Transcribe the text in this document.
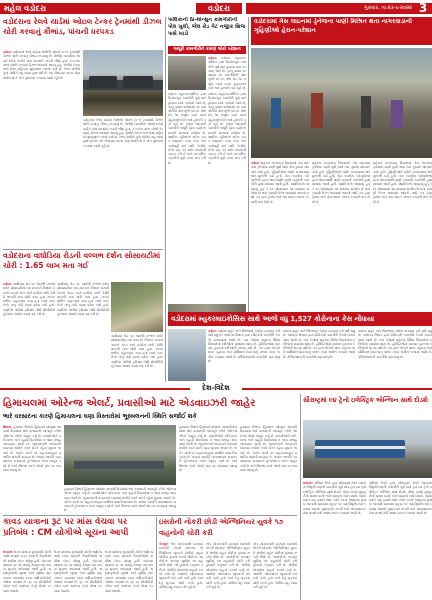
મહેલ વડોદરા	વડોદરા	ગુરુવાર, તા.૨૩-૬-૨૦૨૨ 3
વડોદરાના રેલવે યાર્ડમાં ઓઇલ ટેન્કર ટ્રેનમાંથી ડીઝલ ચોરી કરવાનું કૌભાંડ, પાંચની ધરપકડ
વડોદરા વડોદરાના રેલવે યાર્ડમાં ઊભેલી ઓઇલ ટેન્કર ટ્રેનમાંથી ડીઝલ ચોરી કરવાનું કૌભાંડ ઝડપાયું છે. પોલીસે બાતમીના આધારે દરોડો પાડીને પાંચ શખ્સોને ઝડપી લીધા હતા. ટેન્કરના વાલ્વ ખોલી કેરબામાં ડીઝલ ભરવામાં આવતું હતું. પોલીસે કેરબા અને રિક્ષા સહિતનો મુદ્દામાલ કબજે કર્યો છે. રેલવે પોલીસે ગુનો નોંધીને વધુ તપાસ હાથ ધરી છે. આ કૌભાંડમાં અન્ય કોણ સામેલ છે તે અંગે પૂછપરછ કરવામાં આવી રહી છે.
વડોદરાના રેલવે યાર્ડમાં ઊભેલી ઓઇલ ટેન્કર ટ્રેનમાંથી ડીઝલ ચોરી કરવાનું કૌભાંડ ઝડપાયું છે. પોલીસે બાતમીના આધારે દરોડો પાડીને પાંચ શખ્સોને ઝડપી લીધા હતા. ટેન્કરના વાલ્વ ખોલી કેરબામાં ડીઝલ ભરવામાં આવતું હતું. પોલીસે કેરબા અને રિક્ષા સહિતનો મુદ્દામાલ કબજે કર્યો છે. રેલવે પોલીસે ગુનો નોંધીને વધુ તપાસ હાથ ધરી છે. આ કૌભાંડમાં અન્ય કોણ સામેલ છે તે અંગે પૂછપરછ કરવામાં આવી રહી છે.
વડોદરાના વાઘોડિયા રોડની વલ્લભ દર્શન સોસાયટીમાં ચોરી : 1.65 લાખ મતા ગઈ
વડોદરા વાઘોડિયા રોડ પર આવેલી વલ્લભ દર્શન સોસાયટીમાં બંધ મકાનને નિશાન બનાવી તસ્કરો રોકડ અને દાગીના મળી 1.65 લાખની મતા ચોરી ગયા હતા. મકાન માલિક બહારગામ ગયા હતા ત્યારે તસ્કરોએ તાળું તોડી ઘરમાં પ્રવેશ કર્યો હતો. પાણીગેટ પોલીસે ફરિયાદ નોંધી સીસીટીવી ફૂટેજના આધારે તપાસ શરૂ કરી છે.
વાઘોડિયા રોડ પર આવેલી વલ્લભ દર્શન સોસાયટીમાં બંધ મકાનને નિશાન બનાવી તસ્કરો રોકડ અને દાગીના મળી 1.65 લાખની મતા ચોરી ગયા હતા. મકાન માલિક બહારગામ ગયા હતા ત્યારે તસ્કરોએ તાળું તોડી ઘરમાં પ્રવેશ કર્યો હતો. પાણીગેટ પોલીસે ફરિયાદ નોંધી સીસીટીવી ફૂટેજના આધારે તપાસ શરૂ કરી છે.
વાઘોડિયા રોડ પર આવેલી વલ્લભ દર્શન સોસાયટીમાં બંધ મકાનને નિશાન બનાવી તસ્કરો રોકડ અને દાગીના મળી 1.65 લાખની મતા ચોરી ગયા હતા. મકાન માલિક બહારગામ ગયા હતા ત્યારે તસ્કરોએ તાળું તોડી ઘરમાં પ્રવેશ કર્યો હતો. પાણીગેટ પોલીસે ફરિયાદ નોંધી સીસીટીવી ફૂટેજના આધારે તપાસ શરૂ કરી છે.
પાલિકાની પ્રિ-મોન્સુન કામગીરીની પોલ ખુલી, જેલ રોડ ગેટ નજીક બ્રિજ પાસે ખાડો
અધૂરી કામગીરીને કારણે લોકો પરેશાન
વડોદરા વડોદરા મહાનગરપાલિકા દ્વારા પ્રિ-મોન્સુન કામગીરી પૂર્ણ થઈ હોવાના દાવા કરવામાં આવે છે, પરંતુ પ્રથમ વરસાદમાં જ કામગીરીની પોલ ખુલી ગઈ છે. જેલ રોડ ગેટ નજીક ખાડો પડતાં વાહનચાલકોને ભારે હાલાકી પડી રહી છે.
વડોદરા મહાનગરપાલિકા દ્વારા પ્રિ-મોન્સુન કામગીરી પૂર્ણ થઈ હોવાના દાવા કરવામાં આવે છે, પરંતુ પ્રથમ વરસાદમાં જ કામગીરીની પોલ ખુલી ગઈ છે. જેલ રોડ ગેટ નજીક ખાડો પડતાં વાહનચાલકોને ભારે હાલાકી પડી રહી છે. ડ્રેનેજ લાઇનની કામગીરી અધૂરી રહેતા પાણી ભરાવાની સમસ્યા સર્જાય છે. સ્થાનિક રહીશોએ અનેક વખત રજૂઆત કરવા છતાં કોઈ કાર્યવાહી થઈ નથી. કોર્પોરેટરોએ પણ તંત્ર સામે નારાજગી વ્યક્ત કરી છે અને તાત્કાલિક કામગીરી પૂર્ણ કરવા માંગ કરી છે.
વડોદરા મહાનગરપાલિકા દ્વારા પ્રિ-મોન્સુન કામગીરી પૂર્ણ થઈ હોવાના દાવા કરવામાં આવે છે, પરંતુ પ્રથમ વરસાદમાં જ કામગીરીની પોલ ખુલી ગઈ છે. જેલ રોડ ગેટ નજીક ખાડો પડતાં વાહનચાલકોને ભારે હાલાકી પડી રહી છે. ડ્રેનેજ લાઇનની કામગીરી અધૂરી રહેતા પાણી ભરાવાની સમસ્યા સર્જાય છે. સ્થાનિક રહીશોએ અનેક વખત રજૂઆત કરવા છતાં કોઈ કાર્યવાહી થઈ નથી. કોર્પોરેટરોએ પણ તંત્ર સામે નારાજગી વ્યક્ત કરી છે અને તાત્કાલિક કામગીરી પૂર્ણ કરવા માંગ કરી છે.
વડોદરામાં ગેસ લાઇનમાં ડ્રેનેજના પાણી મિશ્રિત થતા નાગરવાડાની ગૃહિણીઓ હેરાન-પરેશાન
વડોદરા શહેરના નાગરવાડા વિસ્તારમાં ગેસ લાઇનમાં ડ્રેનેજના પાણી ઘૂસી જતાં ગેસ પુરવઠો ખોરવાઈ ગયો હતો. ગૃહિણીઓને રસોઈ બનાવવામાં ભારે મુશ્કેલી પડી હતી. ગેસ કંપનીના કર્મચારીઓ દ્વારા લાઇનમાંથી પાણી કાઢવાની કામગીરી હાથ ધરવામાં આવી હતી. સ્થાનિકોએ જણાવ્યું હતું કે દર ચોમાસામાં આ સમસ્યા સર્જાય છે છતાં કાયમી ઉકેલ લાવવામાં આવતો નથી. તંત્ર દ્વારા ડ્રેનેજ અને ગેસ લાઇન અલગ કરવાની માંગ ઉઠી છે.
શહેરના નાગરવાડા વિસ્તારમાં ગેસ લાઇનમાં ડ્રેનેજના પાણી ઘૂસી જતાં ગેસ પુરવઠો ખોરવાઈ ગયો હતો. ગૃહિણીઓને રસોઈ બનાવવામાં ભારે મુશ્કેલી પડી હતી. ગેસ કંપનીના કર્મચારીઓ દ્વારા લાઇનમાંથી પાણી કાઢવાની કામગીરી હાથ ધરવામાં આવી હતી. સ્થાનિકોએ જણાવ્યું હતું કે દર ચોમાસામાં આ સમસ્યા સર્જાય છે છતાં કાયમી ઉકેલ લાવવામાં આવતો નથી. તંત્ર દ્વારા ડ્રેનેજ અને ગેસ લાઇન અલગ કરવાની માંગ ઉઠી છે.
શહેરના નાગરવાડા વિસ્તારમાં ગેસ લાઇનમાં ડ્રેનેજના પાણી ઘૂસી જતાં ગેસ પુરવઠો ખોરવાઈ ગયો હતો. ગૃહિણીઓને રસોઈ બનાવવામાં ભારે મુશ્કેલી પડી હતી. ગેસ કંપનીના કર્મચારીઓ દ્વારા લાઇનમાંથી પાણી કાઢવાની કામગીરી હાથ ધરવામાં આવી હતી. સ્થાનિકોએ જણાવ્યું હતું કે દર ચોમાસામાં આ સમસ્યા સર્જાય છે છતાં કાયમી ઉકેલ લાવવામાં આવતો નથી. તંત્ર દ્વારા ડ્રેનેજ અને ગેસ લાઇન અલગ કરવાની માંગ ઉઠી છે.
વડોદરામાં મ્યુકરમાઇકોસિસ સાથે આજે વધુ 1,527 કોરોનાના કેસ નોંધાયા
વડોદરા વડોદરા શહેર અને જિલ્લામાં કોરોના સંક્રમણ ફરી વધી રહ્યું છે. આરોગ્ય વિભાગ દ્વારા ટેસ્ટિંગની કામગીરી ઝડપી બનાવવામાં આવી છે. નવા કેસોમાં શહેરના વિવિધ વિસ્તારોના દર્દીઓનો સમાવેશ થાય છે. હોસ્પિટલોમાં સારવાર હેઠળના દર્દીઓની સંખ્યા વધી છે. તંત્ર દ્વારા લોકોને માસ્ક પહેરવા અને સોશિયલ ડિસ્ટન્સનું પાલન કરવા અપીલ કરવામાં આવી છે. વેક્સિનેશનની કામગીરી પણ ચાલુ છે.
વડોદરા શહેર અને જિલ્લામાં કોરોના સંક્રમણ ફરી વધી રહ્યું છે. આરોગ્ય વિભાગ દ્વારા ટેસ્ટિંગની કામગીરી ઝડપી બનાવવામાં આવી છે. નવા કેસોમાં શહેરના વિવિધ વિસ્તારોના દર્દીઓનો સમાવેશ થાય છે. હોસ્પિટલોમાં સારવાર હેઠળના દર્દીઓની સંખ્યા વધી છે. તંત્ર દ્વારા લોકોને માસ્ક પહેરવા અને સોશિયલ ડિસ્ટન્સનું પાલન કરવા અપીલ કરવામાં આવી છે. વેક્સિનેશનની કામગીરી પણ ચાલુ છે.
વડોદરા શહેર અને જિલ્લામાં કોરોના સંક્રમણ ફરી વધી રહ્યું છે. આરોગ્ય વિભાગ દ્વારા ટેસ્ટિંગની કામગીરી ઝડપી બનાવવામાં આવી છે. નવા કેસોમાં શહેરના વિવિધ વિસ્તારોના દર્દીઓનો સમાવેશ થાય છે. હોસ્પિટલોમાં સારવાર હેઠળના દર્દીઓની સંખ્યા વધી છે. તંત્ર દ્વારા લોકોને માસ્ક પહેરવા અને સોશિયલ ડિસ્ટન્સનું પાલન કરવા અપીલ કરવામાં આવી છે. વેક્સિનેશનની કામગીરી પણ ચાલુ છે.
દેશ-વિદેશ
હિમાચલમાં ઓરેન્જ એલર્ટ, પ્રવાસીઓ માટે એડવાઇઝરી જાહેર
ભારે વરસાદના કારણે હિમાચલના ઘણા વિસ્તારોમાં ભૂસ્ખલનની સ્થિતિ સર્જાઈ શકે
શિમલા હવામાન વિભાગે હિમાચલ પ્રદેશમાં આગામી દિવસોમાં ભારે વરસાદની આગાહી કરીને ઓરેન્જ એલર્ટ જાહેર કર્યું છે. પ્રવાસીઓને નદી-નાળા અને પહાડી વિસ્તારોમાં ન જવા સલાહ આપવામાં આવી છે. ભૂસ્ખલનની શક્યતાને ધ્યાનમાં રાખીને તંત્રને સતર્ક રહેવા સૂચના અપાઈ છે. અનેક માર્ગો પર વાહનવ્યવહાર પ્રભાવિત થવાની શક્યતા છે. રાજ્ય આપત્તિ વ્યવસ્થાપન સત્તામંડળે હેલ્પલાઇન નંબર જાહેર કર્યા છે અને જિલ્લા તંત્રને એલર્ટ મોડ પર રાખવામાં આવ્યું છે.
હવામાન વિભાગે હિમાચલ પ્રદેશમાં આગામી દિવસોમાં ભારે વરસાદની આગાહી કરીને ઓરેન્જ એલર્ટ જાહેર કર્યું છે. પ્રવાસીઓને નદી-નાળા અને પહાડી વિસ્તારોમાં ન જવા સલાહ આપવામાં આવી છે. ભૂસ્ખલનની શક્યતાને ધ્યાનમાં રાખીને તંત્રને સતર્ક રહેવા સૂચના અપાઈ છે. અનેક માર્ગો પર વાહનવ્યવહાર પ્રભાવિત થવાની શક્યતા છે. રાજ્ય આપત્તિ વ્યવસ્થાપન સત્તામંડળે હેલ્પલાઇન નંબર જાહેર કર્યા છે અને જિલ્લા તંત્રને એલર્ટ મોડ પર રાખવામાં આવ્યું છે.
હવામાન વિભાગે હિમાચલ પ્રદેશમાં આગામી દિવસોમાં ભારે વરસાદની આગાહી કરીને ઓરેન્જ એલર્ટ જાહેર કર્યું છે. પ્રવાસીઓને નદી-નાળા અને પહાડી વિસ્તારોમાં ન જવા સલાહ આપવામાં આવી છે. ભૂસ્ખલનની શક્યતાને ધ્યાનમાં રાખીને તંત્રને સતર્ક રહેવા સૂચના અપાઈ છે. અનેક માર્ગો પર વાહનવ્યવહાર પ્રભાવિત થવાની શક્યતા છે. રાજ્ય આપત્તિ વ્યવસ્થાપન સત્તામંડળે હેલ્પલાઇન નંબર જાહેર કર્યા છે અને જિલ્લા તંત્રને એલર્ટ મોડ પર રાખવામાં આવ્યું છે.
હવામાન વિભાગે હિમાચલ પ્રદેશમાં આગામી દિવસોમાં ભારે વરસાદની આગાહી કરીને ઓરેન્જ એલર્ટ જાહેર કર્યું છે. પ્રવાસીઓને નદી-નાળા અને પહાડી વિસ્તારોમાં ન જવા સલાહ આપવામાં આવી છે. ભૂસ્ખલનની શક્યતાને ધ્યાનમાં રાખીને તંત્રને સતર્ક રહેવા સૂચના અપાઈ છે. અનેક માર્ગો પર વાહનવ્યવહાર પ્રભાવિત થવાની શક્યતા છે. રાજ્ય આપત્તિ વ્યવસ્થાપન સત્તામંડળે હેલ્પલાઇન નંબર જાહેર કર્યા છે અને જિલ્લા તંત્રને એલર્ટ મોડ પર રાખવામાં આવ્યું છે.
સૌરાષ્ટ્રમાં ૯૪ ટ્રેનો ઇલેક્ટ્રિક એન્જિન સાથે દોડશે
રાજકોટ પશ્ચિમ રેલવે દ્વારા સૌરાષ્ટ્રમાં રેલવે લાઇનના વિદ્યુતીકરણની કામગીરી પૂર્ણ થતાં હવે ૯૪ ટ્રેનો ઇલેક્ટ્રિક એન્જિન સાથે દોડશે. જેના કારણે મુસાફરીનો સમય ઘટશે અને ઇંધણનો ખર્ચ બચશે. પર્યાવરણને પણ ફાયદો થશે. રેલવે તંત્રના જણાવ્યા મુજબ આગામી સમયમાં વધુ રૂટ પર પણ વિદ્યુતીકરણ કરવામાં આવશે. મુસાફરોને ઝડપી અને આરામદાયક સેવા મળશે તેવી આશા વ્યક્ત કરવામાં આવી છે.
પશ્ચિમ રેલવે દ્વારા સૌરાષ્ટ્રમાં રેલવે લાઇનના વિદ્યુતીકરણની કામગીરી પૂર્ણ થતાં હવે ૯૪ ટ્રેનો ઇલેક્ટ્રિક એન્જિન સાથે દોડશે. જેના કારણે મુસાફરીનો સમય ઘટશે અને ઇંધણનો ખર્ચ બચશે. પર્યાવરણને પણ ફાયદો થશે. રેલવે તંત્રના જણાવ્યા મુજબ આગામી સમયમાં વધુ રૂટ પર પણ વિદ્યુતીકરણ કરવામાં આવશે. મુસાફરોને ઝડપી અને આરામદાયક સેવા મળશે તેવી આશા વ્યક્ત કરવામાં આવી છે.
કાવડ યાત્રાના રૂટ પર માંસ વેચવા પર પ્રતિબંધ : CM યોગીએ સૂચના આપી
લખનઉ ઉત્તર પ્રદેશના મુખ્યમંત્રી યોગી આદિત્યનાથે કાવડ યાત્રાની તૈયારીઓની સમીક્ષા બેઠક યોજી હતી. બેઠકમાં યાત્રાના રૂટ પર માંસનું વેચાણ બંધ રાખવા સૂચના આપવામાં આવી હતી. શ્રદ્ધાળુઓની સુરક્ષા અને સુવિધા માટે વ્યાપક વ્યવસ્થા કરવા અધિકારીઓને આદેશ અપાયો છે. રૂટ પર સીસીટીવી કેમેરા અને આરોગ્ય કેન્દ્રો ઊભા કરવામાં આવશે.
ઉત્તર પ્રદેશના મુખ્યમંત્રી યોગી આદિત્યનાથે કાવડ યાત્રાની તૈયારીઓની સમીક્ષા બેઠક યોજી હતી. બેઠકમાં યાત્રાના રૂટ પર માંસનું વેચાણ બંધ રાખવા સૂચના આપવામાં આવી હતી. શ્રદ્ધાળુઓની સુરક્ષા અને સુવિધા માટે વ્યાપક વ્યવસ્થા કરવા અધિકારીઓને આદેશ અપાયો છે. રૂટ પર સીસીટીવી કેમેરા અને આરોગ્ય કેન્દ્રો ઊભા કરવામાં આવશે.
ઉત્તર પ્રદેશના મુખ્યમંત્રી યોગી આદિત્યનાથે કાવડ યાત્રાની તૈયારીઓની સમીક્ષા બેઠક યોજી હતી. બેઠકમાં યાત્રાના રૂટ પર માંસનું વેચાણ બંધ રાખવા સૂચના આપવામાં આવી હતી. શ્રદ્ધાળુઓની સુરક્ષા અને સુવિધા માટે વ્યાપક વ્યવસ્થા કરવા અધિકારીઓને આદેશ અપાયો છે. રૂટ પર સીસીટીવી કેમેરા અને આરોગ્ય કેન્દ્રો ઊભા કરવામાં આવશે.
ઇસરોની નોકરી છોડી એન્જિનિયર યુવકે ૧૭ વાહનોની ચોરી કરી
બેંગલુરુ એક ચોંકાવનારી ઘટનામાં ઇસરોની નોકરી છોડનાર એન્જિનિયર યુવકને પોલીસે વાહન ચોરીના ગુનામાં ઝડપી લીધો છે. આરોપીએ અત્યાર સુધીમાં ૧૭ વાહનોની ચોરી કરી હોવાની કબૂલાત કરી છે. પોલીસે ચોરાયેલા વાહનો કબજે કર્યા છે. આરોપી ઓનલાઇન જુગારની લતે ચડી ગયો હતો અને દેવું ચૂકવવા ચોરી કરતો હતો. પોલીસ વધુ તપાસ કરી રહી છે.
એક ચોંકાવનારી ઘટનામાં ઇસરોની નોકરી છોડનાર એન્જિનિયર યુવકને પોલીસે વાહન ચોરીના ગુનામાં ઝડપી લીધો છે. આરોપીએ અત્યાર સુધીમાં ૧૭ વાહનોની ચોરી કરી હોવાની કબૂલાત કરી છે. પોલીસે ચોરાયેલા વાહનો કબજે કર્યા છે. આરોપી ઓનલાઇન જુગારની લતે ચડી ગયો હતો અને દેવું ચૂકવવા ચોરી કરતો હતો. પોલીસ વધુ તપાસ કરી રહી છે.
એક ચોંકાવનારી ઘટનામાં ઇસરોની નોકરી છોડનાર એન્જિનિયર યુવકને પોલીસે વાહન ચોરીના ગુનામાં ઝડપી લીધો છે. આરોપીએ અત્યાર સુધીમાં ૧૭ વાહનોની ચોરી કરી હોવાની કબૂલાત કરી છે. પોલીસે ચોરાયેલા વાહનો કબજે કર્યા છે. આરોપી ઓનલાઇન જુગારની લતે ચડી ગયો હતો અને દેવું ચૂકવવા ચોરી કરતો હતો. પોલીસ વધુ તપાસ કરી રહી છે.
